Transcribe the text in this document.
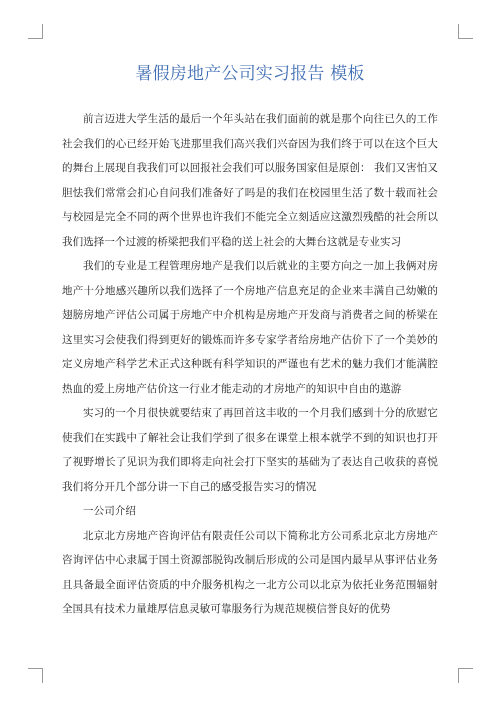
暑假房地产公司实习报告 模板

前言迈进大学生活的最后一个年头站在我们面前的就是那个向往已久的工作社会我们的心已经开始飞进那里我们高兴我们兴奋因为我们终于可以在这个巨大的舞台上展现自我我们可以回报社会我们可以服务国家但是原创： 我们又害怕又胆怯我们常常会扪心自问我们准备好了吗是的我们在校园里生活了数十载而社会与校园是完全不同的两个世界也许我们不能完全立刻适应这激烈残酷的社会所以我们选择一个过渡的桥梁把我们平稳的送上社会的大舞台这就是专业实习

我们的专业是工程管理房地产是我们以后就业的主要方向之一加上我俩对房地产十分地感兴趣所以我们选择了一个房地产信息充足的企业来丰满自己幼嫩的翅膀房地产评估公司属于房地产中介机构是房地产开发商与消费者之间的桥梁在这里实习会使我们得到更好的锻炼而许多专家学者给房地产估价下了一个美妙的定义房地产科学艺术正式这种既有科学知识的严谨也有艺术的魅力我们才能满腔热血的爱上房地产估价这一行业才能走动的才房地产的知识中自由的遨游

实习的一个月很快就要结束了再回首这丰收的一个月我们感到十分的欣慰它使我们在实践中了解社会让我们学到了很多在课堂上根本就学不到的知识也打开了视野增长了见识为我们即将走向社会打下坚实的基础为了表达自己收获的喜悦我们将分开几个部分讲一下自己的感受报告实习的情况

一公司介绍

北京北方房地产咨询评估有限责任公司以下简称北方公司系北京北方房地产咨询评估中心隶属于国土资源部脱钩改制后形成的公司是国内最早从事评估业务且具备最全面评估资质的中介服务机构之一北方公司以北京为依托业务范围辐射全国具有技术力量雄厚信息灵敏可靠服务行为规范规模信誉良好的优势
